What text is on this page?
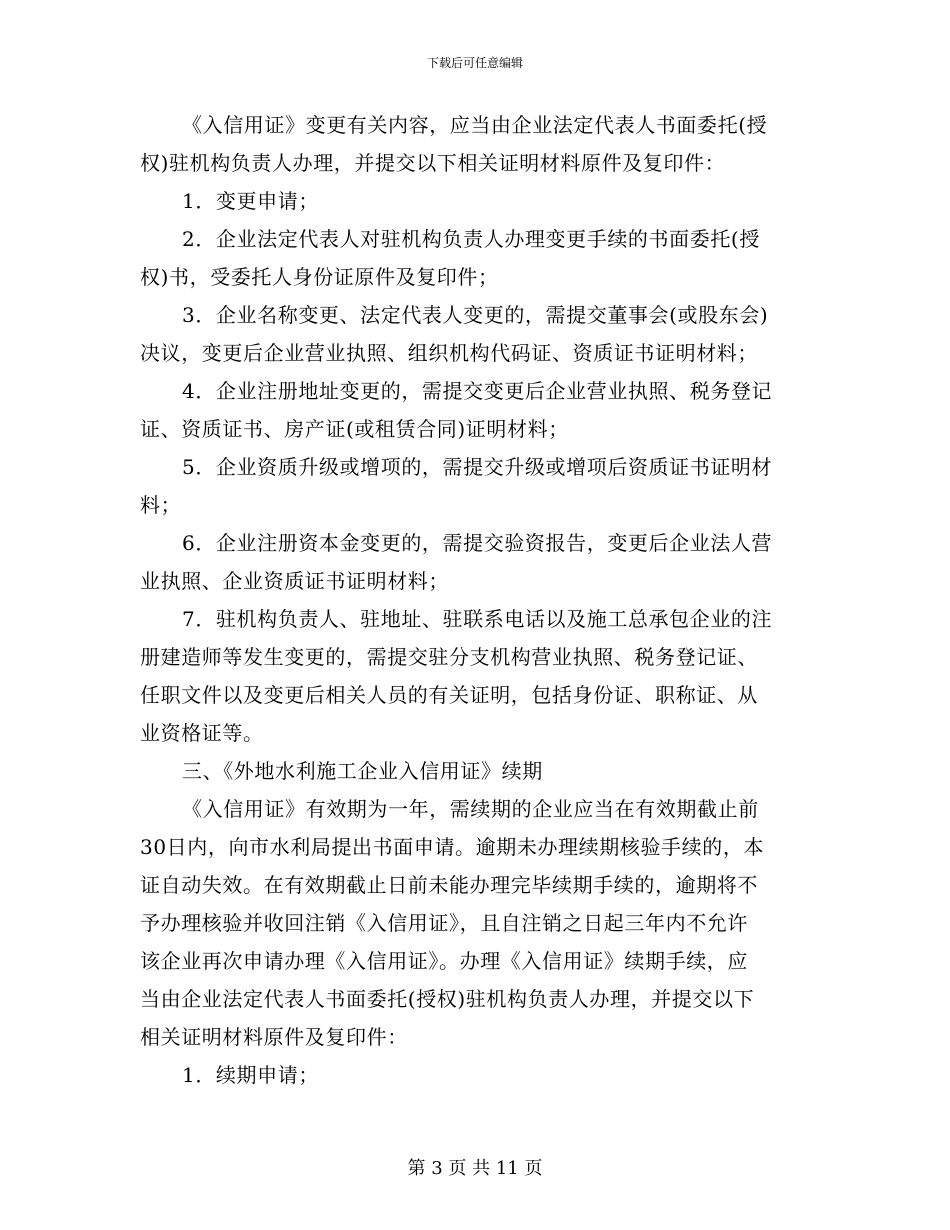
下载后可任意编辑
《入信用证》变更有关内容，应当由企业法定代表人书面委托(授
权)驻机构负责人办理，并提交以下相关证明材料原件及复印件：
1．变更申请；
2．企业法定代表人对驻机构负责人办理变更手续的书面委托(授
权)书，受委托人身份证原件及复印件；
3．企业名称变更、法定代表人变更的，需提交董事会(或股东会)
决议，变更后企业营业执照、组织机构代码证、资质证书证明材料；
4．企业注册地址变更的，需提交变更后企业营业执照、税务登记
证、资质证书、房产证(或租赁合同)证明材料；
5．企业资质升级或增项的，需提交升级或增项后资质证书证明材
料；
6．企业注册资本金变更的，需提交验资报告，变更后企业法人营
业执照、企业资质证书证明材料；
7．驻机构负责人、驻地址、驻联系电话以及施工总承包企业的注
册建造师等发生变更的，需提交驻分支机构营业执照、税务登记证、
任职文件以及变更后相关人员的有关证明，包括身份证、职称证、从
业资格证等。
三、《外地水利施工企业入信用证》续期
《入信用证》有效期为一年，需续期的企业应当在有效期截止前
30日内，向市水利局提出书面申请。逾期未办理续期核验手续的，本
证自动失效。在有效期截止日前未能办理完毕续期手续的，逾期将不
予办理核验并收回注销《入信用证》，且自注销之日起三年内不允许
该企业再次申请办理《入信用证》。办理《入信用证》续期手续，应
当由企业法定代表人书面委托(授权)驻机构负责人办理，并提交以下
相关证明材料原件及复印件：
1．续期申请；
第 3 页 共 11 页
